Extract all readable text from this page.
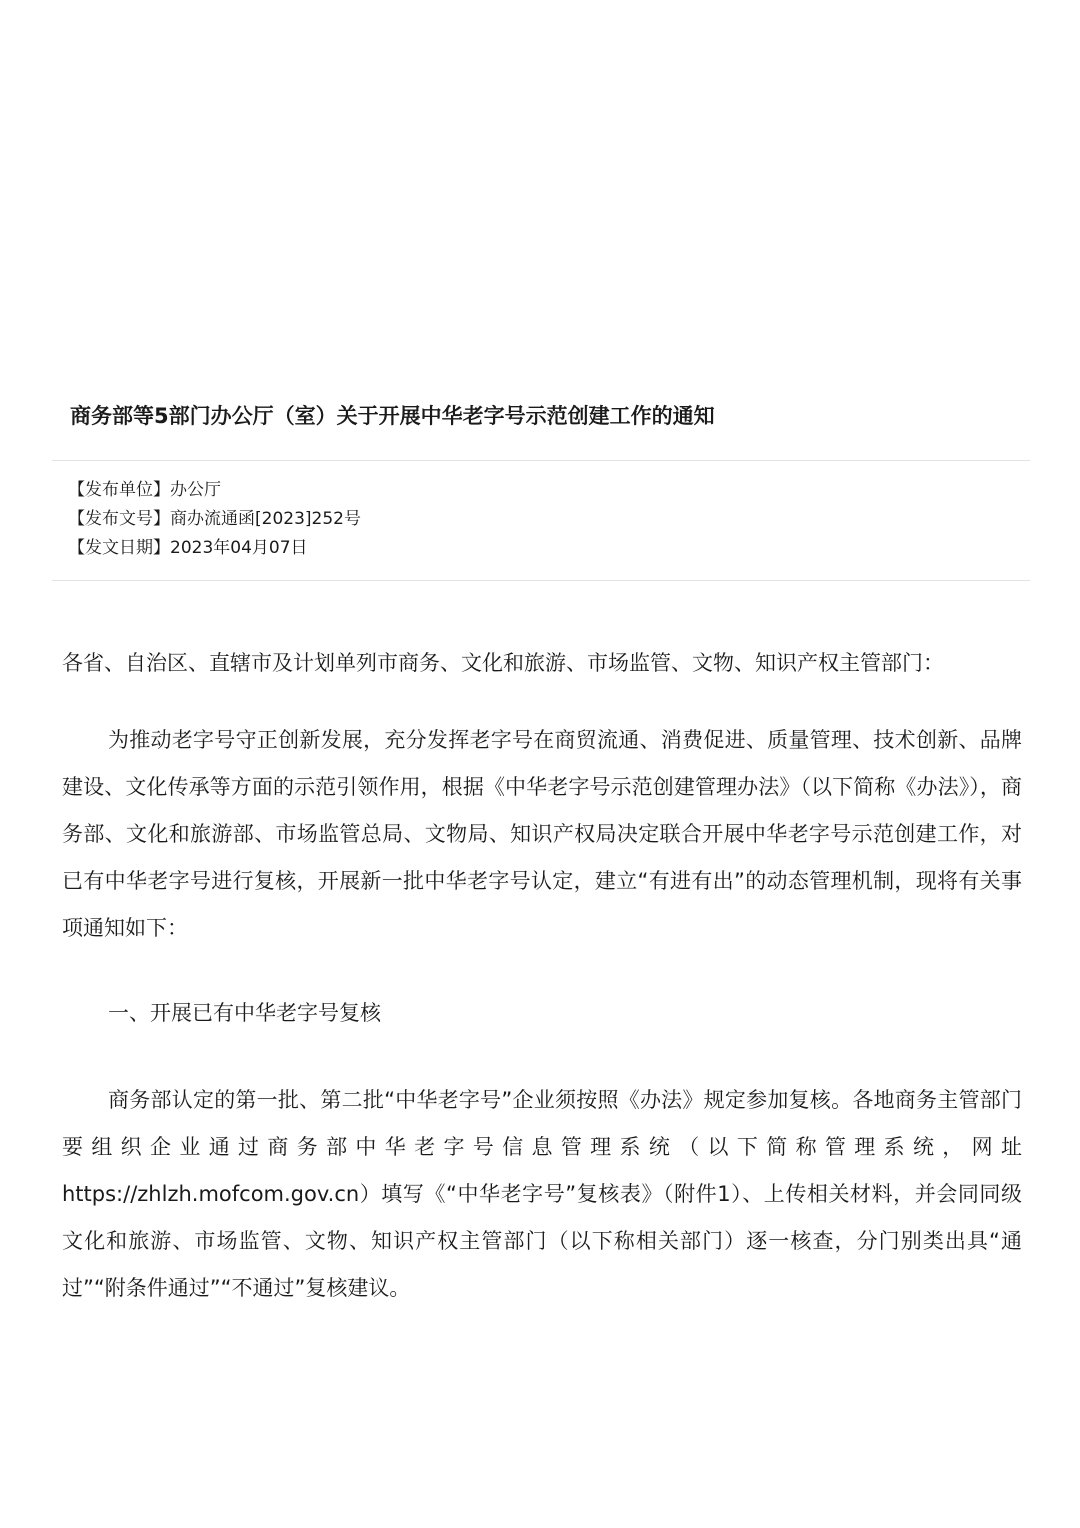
商务部等5部门办公厅（室）关于开展中华老字号示范创建工作的通知
【发布单位】办公厅
【发布文号】商办流通函[2023]252号
【发文日期】2023年04月07日

各省、自治区、直辖市及计划单列市商务、文化和旅游、市场监管、文物、知识产权主管部门：

为推动老字号守正创新发展，充分发挥老字号在商贸流通、消费促进、质量管理、技术创新、品牌建设、文化传承等方面的示范引领作用，根据《中华老字号示范创建管理办法》（以下简称《办法》），商务部、文化和旅游部、市场监管总局、文物局、知识产权局决定联合开展中华老字号示范创建工作，对已有中华老字号进行复核，开展新一批中华老字号认定，建立“有进有出”的动态管理机制，现将有关事项通知如下：

一、开展已有中华老字号复核

商务部认定的第一批、第二批“中华老字号”企业须按照《办法》规定参加复核。各地商务主管部门要组织企业通过商务部中华老字号信息管理系统（以下简称管理系统，网址https://zhlzh.mofcom.gov.cn）填写《“中华老字号”复核表》（附件1）、上传相关材料，并会同同级文化和旅游、市场监管、文物、知识产权主管部门（以下称相关部门）逐一核查，分门别类出具“通过”“附条件通过”“不通过”复核建议。
